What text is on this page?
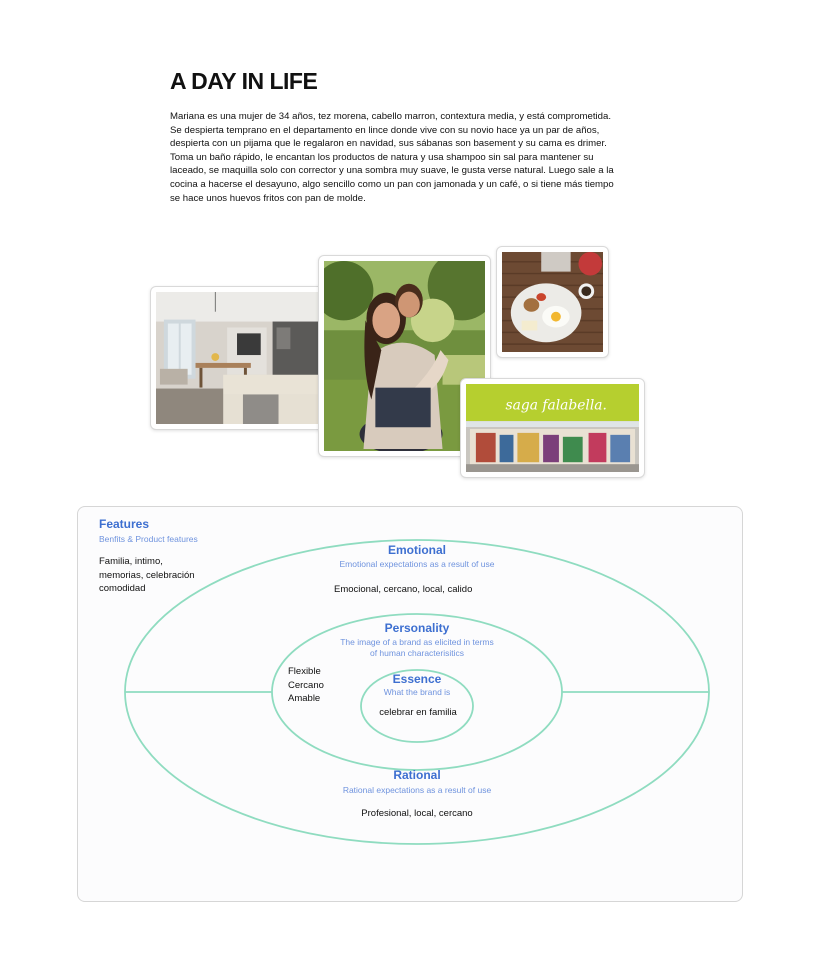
A DAY IN LIFE

Mariana es una mujer de 34 años, tez morena, cabello marron, contextura media, y está comprometida.

Se despierta temprano en el departamento en lince donde vive con su novio hace ya un par de años, despierta con un pijama que le regalaron en navidad, sus sábanas son basement y su cama es drimer. Toma un baño rápido, le encantan los productos de natura y usa shampoo sin sal para mantener su laceado, se maquilla solo con corrector y una sombra muy suave, le gusta verse natural. Luego sale a la cocina a hacerse el desayuno, algo sencillo como un pan con jamonada y un café, o si tiene más tiempo se hace unos huevos fritos con pan de molde.

saga falabella.
Features
Benfits & Product features
Familia, intimo,
memorias, celebración
comodidad
Emotional
Emotional expectations as a result of use
Emocional, cercano, local, calido
Personality
The image of a brand as elicited in terms
of human characterisitics
Flexible
Cercano
Amable
Essence
What the brand is
celebrar en familia
Rational
Rational expectations as a result of use
Profesional, local, cercano
